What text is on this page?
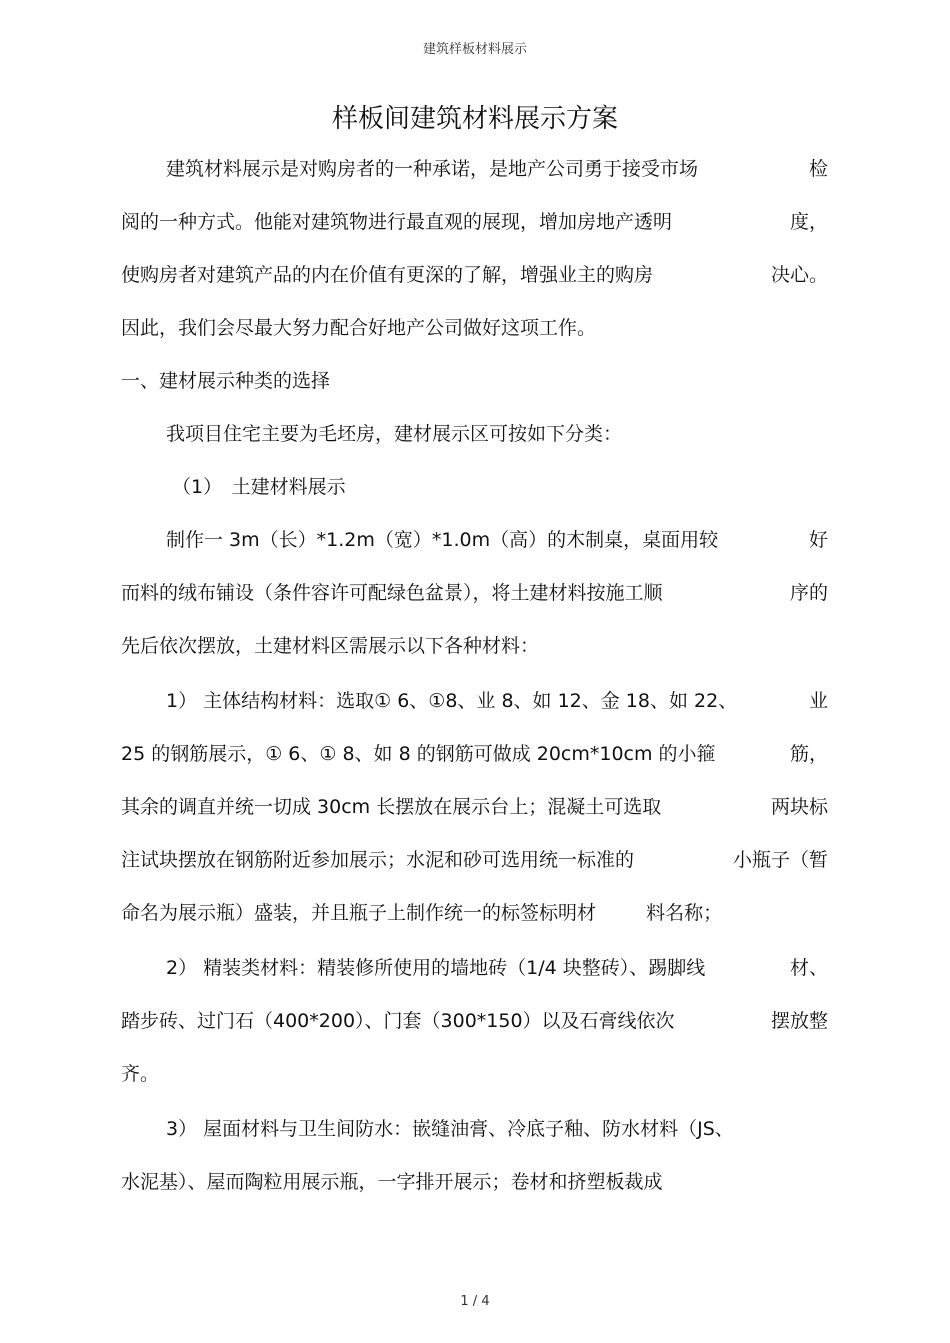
建筑样板材料展示
样板间建筑材料展示方案
建筑材料展示是对购房者的一种承诺，是地产公司勇于接受市场	检
阅的一种方式。他能对建筑物进行最直观的展现，增加房地产透明	度，
使购房者对建筑产品的内在价值有更深的了解，增强业主的购房	决心。
因此，我们会尽最大努力配合好地产公司做好这项工作。
一、建材展示种类的选择
我项目住宅主要为毛坯房，建材展示区可按如下分类：
（1）　土建材料展示
制作一 3m（长）*1.2m（宽）*1.0m（高）的木制桌，桌面用较	好
而料的绒布铺设（条件容许可配绿色盆景），将土建材料按施工顺	序的
先后依次摆放，土建材料区需展示以下各种材料：
1） 主体结构材料：选取① 6、①8、业 8、如 12、金 18、如 22、	业
25 的钢筋展示，① 6、① 8、如 8 的钢筋可做成 20cm*10cm 的小箍	筋，
其余的调直并统一切成 30cm 长摆放在展示台上；混凝土可选取	两块标
注试块摆放在钢筋附近参加展示；水泥和砂可选用统一标准的	小瓶子（暂
命名为展示瓶）盛装，并且瓶子上制作统一的标签标明材	料名称；
2） 精装类材料：精装修所使用的墙地砖（1/4 块整砖）、踢脚线	材、
踏步砖、过门石（400*200）、门套（300*150）以及石膏线依次	摆放整
齐。
3） 屋面材料与卫生间防水：嵌缝油膏、冷底子釉、防水材料（JS、
水泥基）、屋而陶粒用展示瓶，一字排开展示；卷材和挤塑板裁成
1 / 4
